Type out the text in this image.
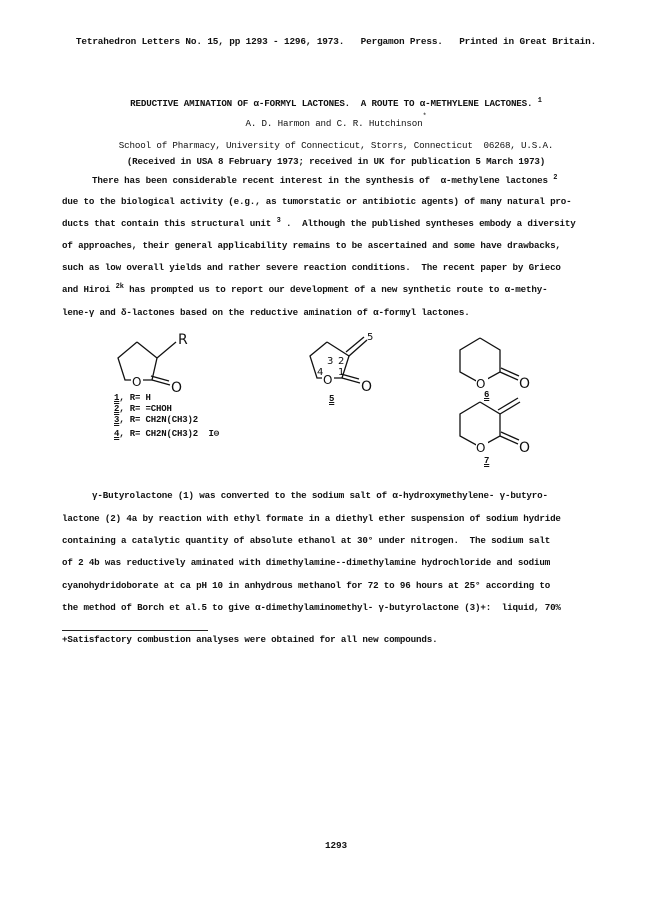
Tetrahedron Letters No. 15, pp 1293 - 1296, 1973.   Pergamon Press.   Printed in Great Britain.
REDUCTIVE AMINATION OF α-FORMYL LACTONES.  A ROUTE TO α-METHYLENE LACTONES. $^1$
A. D. Harmon and C. R. Hutchinson*
School of Pharmacy, University of Connecticut, Storrs, Connecticut  06268, U.S.A.
(Received in USA 8 February 1973; received in UK for publication 5 March 1973)
There has been considerable recent interest in the synthesis of  α-methylene lactones $^2$
due to the biological activity (e.g., as tumorstatic or antibiotic agents) of many natural pro-
ducts that contain this structural unit $^3$ .  Although the published syntheses embody a diversity
of approaches, their general applicability remains to be ascertained and some have drawbacks,
such as low overall yields and rather severe reaction conditions.  The recent paper by Grieco
and Hiroi $^{2k}$ has prompted us to report our development of a new synthetic route to α-methy-
lene-γ and δ-lactones based on the reductive amination of α-formyl lactones.
R
O
O
5
O
O
3 2
4 1
O
O
O
O
1, R= H
2, R= =CHOH
3, R= CH2N(CH3)2
4, R= CH2N(CH3)2  I⊖
5	6
7
γ-Butyrolactone (1) was converted to the sodium salt of α-hydroxymethylene- γ-butyro-
lactone (2) 4a by reaction with ethyl formate in a diethyl ether suspension of sodium hydride
containing a catalytic quantity of absolute ethanol at 30° under nitrogen.  The sodium salt
of 2 4b was reductively aminated with dimethylamine--dimethylamine hydrochloride and sodium
cyanohydridoborate at ca pH 10 in anhydrous methanol for 72 to 96 hours at 25° according to
the method of Borch et al.5 to give α-dimethylaminomethyl- γ-butyrolactone (3)+:  liquid, 70%
+Satisfactory combustion analyses were obtained for all new compounds.
1293
